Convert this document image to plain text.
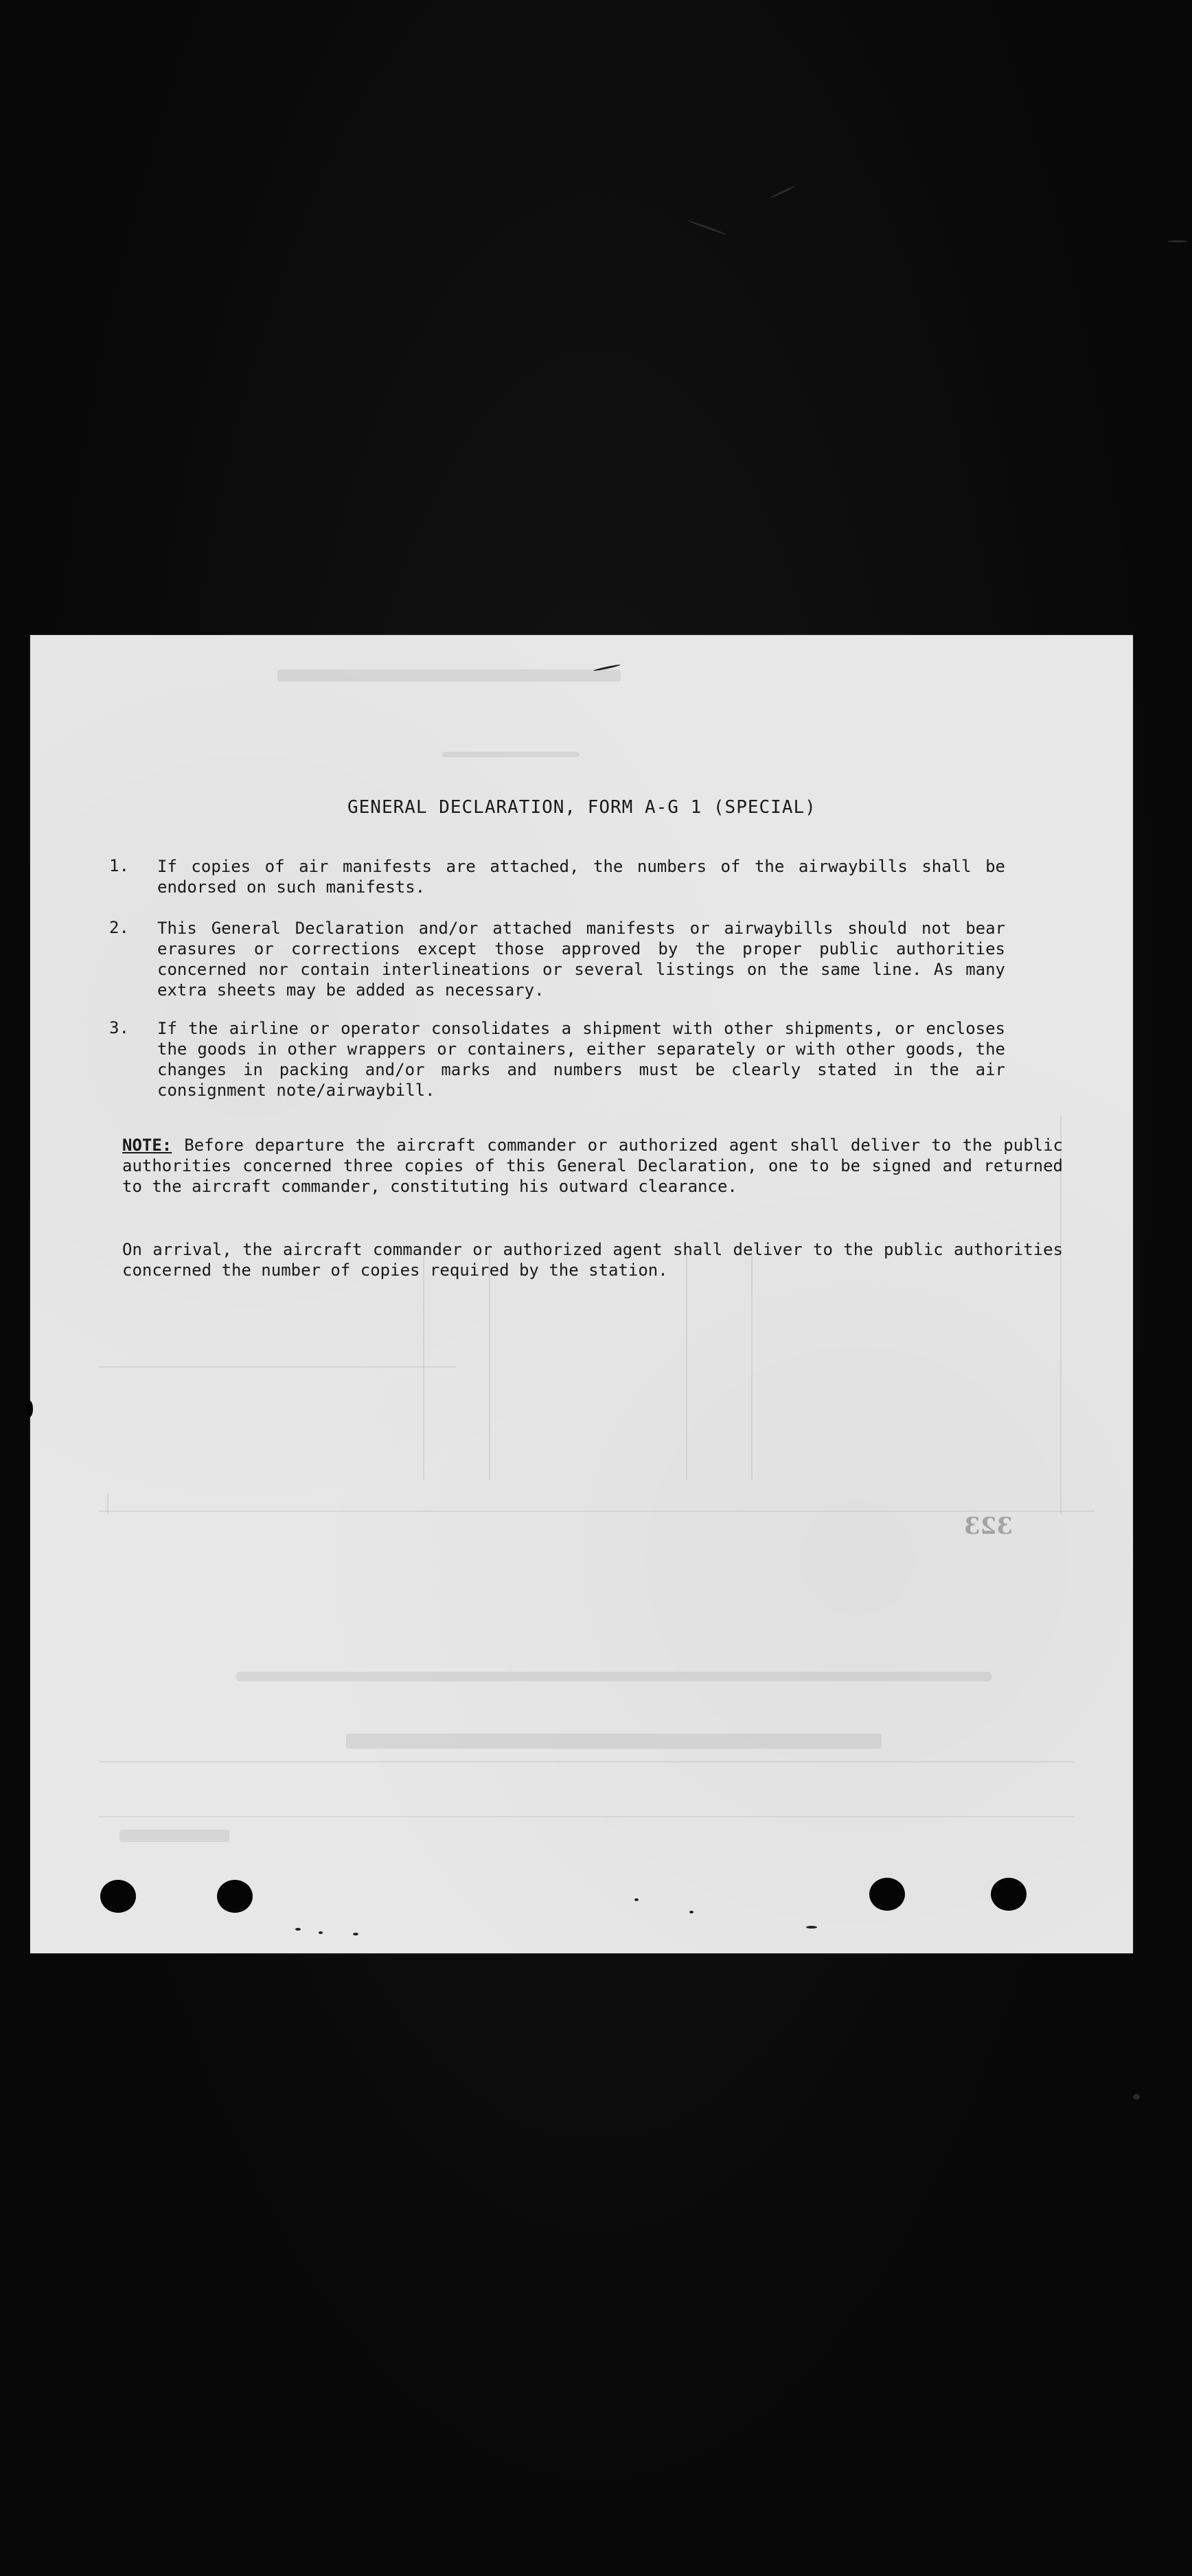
323
GENERAL DECLARATION, FORM A-G 1 (SPECIAL)
1.	If copies of air manifests are attached, the numbers of the airwaybills shall be endorsed on such manifests.
2.	This General Declaration and/or attached manifests or airwaybills should not bear erasures or corrections except those approved by the proper public authorities concerned nor contain interlineations or several listings on the same line. As many extra sheets may be added as necessary.
3.	If the airline or operator consolidates a shipment with other shipments, or encloses the goods in other wrappers or containers, either separately or with other goods, the changes in packing and/or marks and numbers must be clearly stated in the air consignment note/airwaybill.
NOTE: Before departure the aircraft commander or authorized agent shall deliver to the public authorities concerned three copies of this General Declaration, one to be signed and returned to the aircraft commander, constituting his outward clearance.
On arrival, the aircraft commander or authorized agent shall deliver to the public authorities concerned the number of copies required by the station.
